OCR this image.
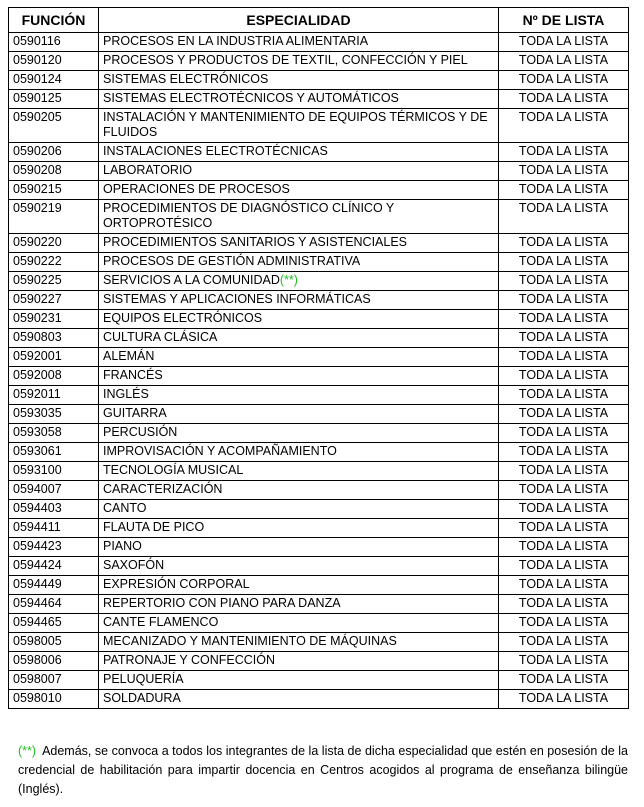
FUNCIÓN	ESPECIALIDAD	Nº DE LISTA
0590116	PROCESOS EN LA INDUSTRIA ALIMENTARIA	TODA LA LISTA
0590120	PROCESOS Y PRODUCTOS DE TEXTIL, CONFECCIÓN Y PIEL	TODA LA LISTA
0590124	SISTEMAS ELECTRÓNICOS	TODA LA LISTA
0590125	SISTEMAS ELECTROTÉCNICOS Y AUTOMÁTICOS	TODA LA LISTA
0590205	INSTALACIÓN Y MANTENIMIENTO DE EQUIPOS TÉRMICOS Y DE FLUIDOS	TODA LA LISTA
0590206	INSTALACIONES ELECTROTÉCNICAS	TODA LA LISTA
0590208	LABORATORIO	TODA LA LISTA
0590215	OPERACIONES DE PROCESOS	TODA LA LISTA
0590219	PROCEDIMIENTOS DE DIAGNÓSTICO CLÍNICO Y ORTOPROTÉSICO	TODA LA LISTA
0590220	PROCEDIMIENTOS SANITARIOS Y ASISTENCIALES	TODA LA LISTA
0590222	PROCESOS DE GESTIÓN ADMINISTRATIVA	TODA LA LISTA
0590225	SERVICIOS A LA COMUNIDAD(**)	TODA LA LISTA
0590227	SISTEMAS Y APLICACIONES INFORMÁTICAS	TODA LA LISTA
0590231	EQUIPOS ELECTRÓNICOS	TODA LA LISTA
0590803	CULTURA CLÁSICA	TODA LA LISTA
0592001	ALEMÁN	TODA LA LISTA
0592008	FRANCÉS	TODA LA LISTA
0592011	INGLÉS	TODA LA LISTA
0593035	GUITARRA	TODA LA LISTA
0593058	PERCUSIÓN	TODA LA LISTA
0593061	IMPROVISACIÓN Y ACOMPAÑAMIENTO	TODA LA LISTA
0593100	TECNOLOGÍA MUSICAL	TODA LA LISTA
0594007	CARACTERIZACIÓN	TODA LA LISTA
0594403	CANTO	TODA LA LISTA
0594411	FLAUTA DE PICO	TODA LA LISTA
0594423	PIANO	TODA LA LISTA
0594424	SAXOFÓN	TODA LA LISTA
0594449	EXPRESIÓN CORPORAL	TODA LA LISTA
0594464	REPERTORIO CON PIANO PARA DANZA	TODA LA LISTA
0594465	CANTE FLAMENCO	TODA LA LISTA
0598005	MECANIZADO Y MANTENIMIENTO DE MÁQUINAS	TODA LA LISTA
0598006	PATRONAJE Y CONFECCIÓN	TODA LA LISTA
0598007	PELUQUERÍA	TODA LA LISTA
0598010	SOLDADURA	TODA LA LISTA
(**) Además, se convoca a todos los integrantes de la lista de dicha especialidad que estén en posesión de la credencial de habilitación para impartir docencia en Centros acogidos al programa de enseñanza bilingüe (Inglés).
